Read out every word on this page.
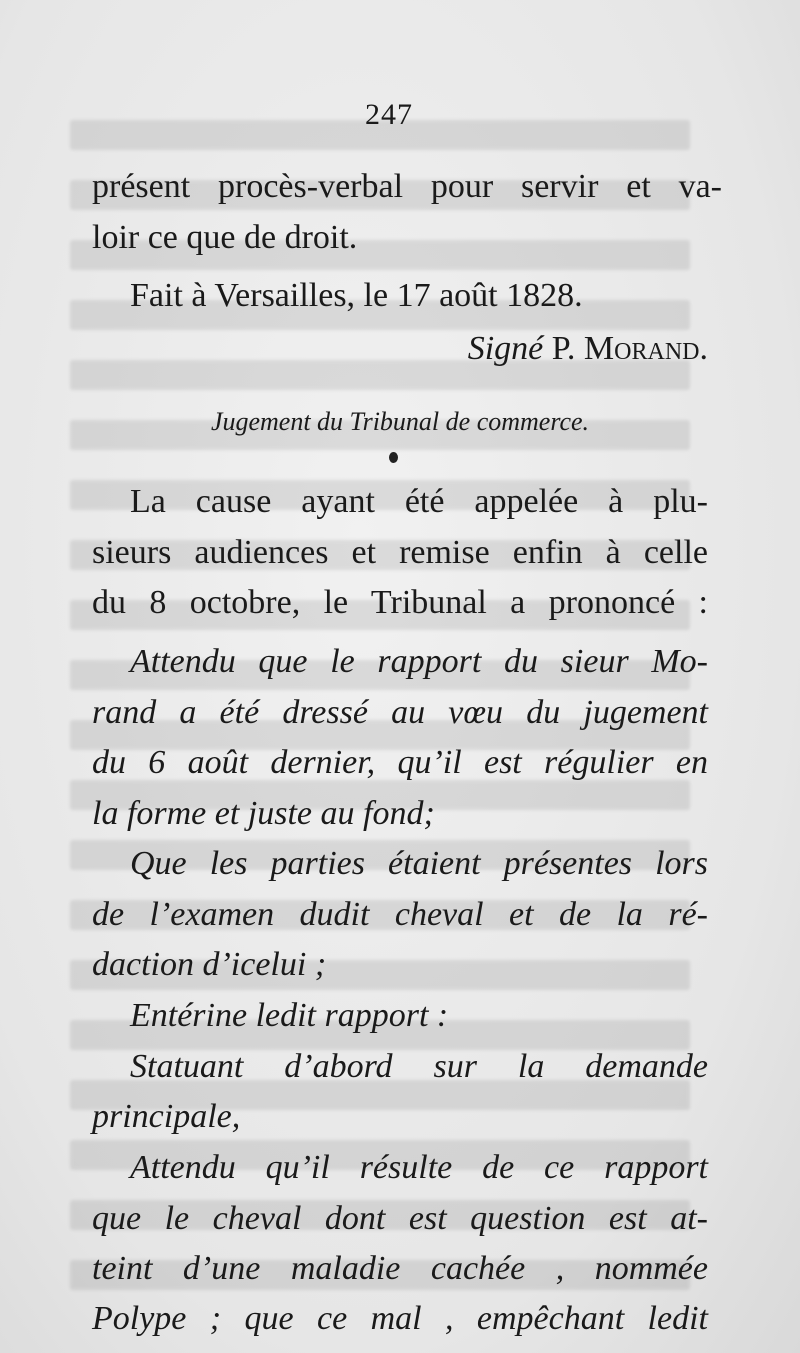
247
présent procès-verbal pour servir et va-
loir ce que de droit.
Fait à Versailles, le 17 août 1828.
Signé P. Morand.
Jugement du Tribunal de commerce.
La cause ayant été appelée à plu-
sieurs audiences et remise enfin à celle
du 8 octobre, le Tribunal a prononcé :
Attendu que le rapport du sieur Mo-
rand a été dressé au vœu du jugement
du 6 août dernier, qu’il est régulier en
la forme et juste au fond;
Que les parties étaient présentes lors
de l’examen dudit cheval et de la ré-
daction d’icelui ;
Entérine ledit rapport :
Statuant d’abord sur la demande
principale,
Attendu qu’il résulte de ce rapport
que le cheval dont est question est at-
teint d’une maladie cachée , nommée
Polype ; que ce mal , empêchant ledit
